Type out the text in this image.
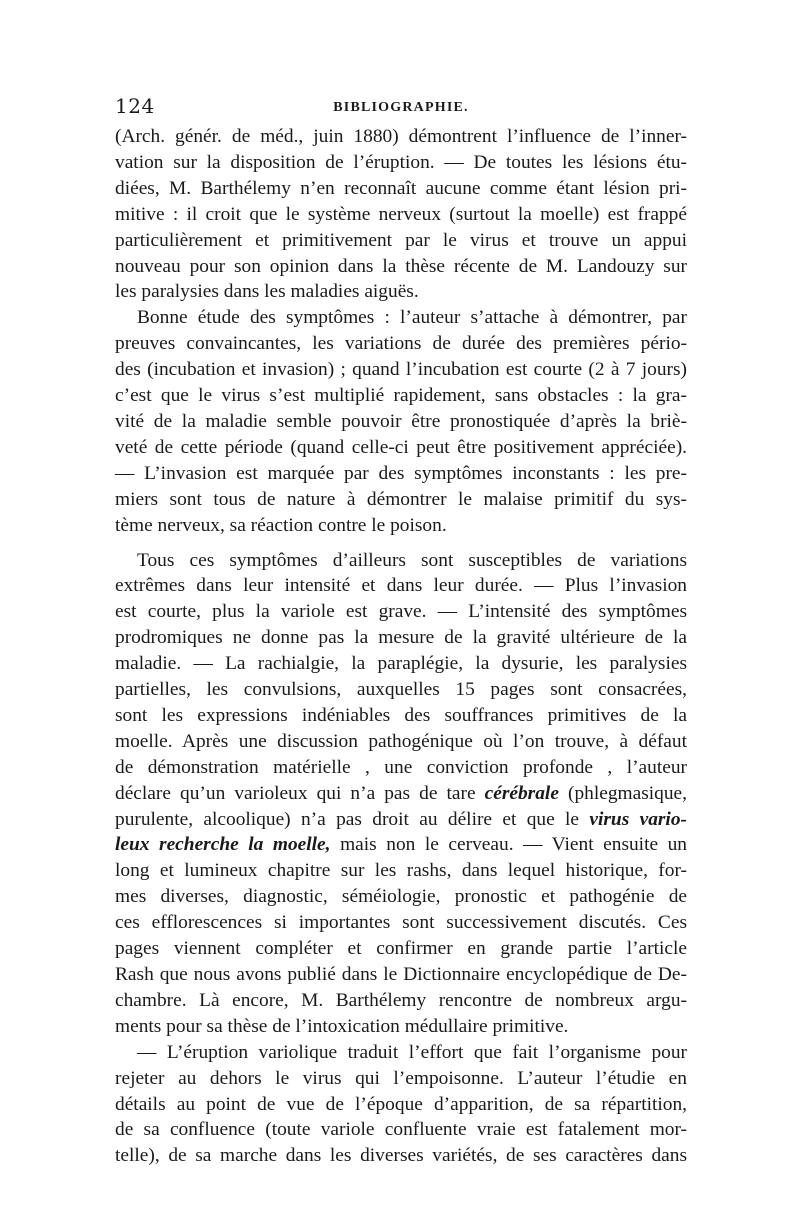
124	BIBLIOGRAPHIE.
(Arch. génér. de méd., juin 1880) démontrent l’influence de l’inner-
vation sur la disposition de l’éruption. — De toutes les lésions étu-
diées, M. Barthélemy n’en reconnaît aucune comme étant lésion pri-
mitive : il croit que le système nerveux (surtout la moelle) est frappé
particulièrement et primitivement par le virus et trouve un appui
nouveau pour son opinion dans la thèse récente de M. Landouzy sur
les paralysies dans les maladies aiguës.
Bonne étude des symptômes : l’auteur s’attache à démontrer, par
preuves convaincantes, les variations de durée des premières pério-
des (incubation et invasion) ; quand l’incubation est courte (2 à 7 jours)
c’est que le virus s’est multiplié rapidement, sans obstacles : la gra-
vité de la maladie semble pouvoir être pronostiquée d’après la briè-
veté de cette période (quand celle-ci peut être positivement appréciée).
— L’invasion est marquée par des symptômes inconstants : les pre-
miers sont tous de nature à démontrer le malaise primitif du sys-
tème nerveux, sa réaction contre le poison.
Tous ces symptômes d’ailleurs sont susceptibles de variations
extrêmes dans leur intensité et dans leur durée. — Plus l’invasion
est courte, plus la variole est grave. — L’intensité des symptômes
prodromiques ne donne pas la mesure de la gravité ultérieure de la
maladie. — La rachialgie, la paraplégie, la dysurie, les paralysies
partielles, les convulsions, auxquelles 15 pages sont consacrées,
sont les expressions indéniables des souffrances primitives de la
moelle. Après une discussion pathogénique où l’on trouve, à défaut
de démonstration matérielle , une conviction profonde , l’auteur
déclare qu’un varioleux qui n’a pas de tare cérébrale (phlegmasique,
purulente, alcoolique) n’a pas droit au délire et que le virus vario-
leux recherche la moelle, mais non le cerveau. — Vient ensuite un
long et lumineux chapitre sur les rashs, dans lequel historique, for-
mes diverses, diagnostic, séméiologie, pronostic et pathogénie de
ces efflorescences si importantes sont successivement discutés. Ces
pages viennent compléter et confirmer en grande partie l’article
Rash que nous avons publié dans le Dictionnaire encyclopédique de De-
chambre. Là encore, M. Barthélemy rencontre de nombreux argu-
ments pour sa thèse de l’intoxication médullaire primitive.
— L’éruption variolique traduit l’effort que fait l’organisme pour
rejeter au dehors le virus qui l’empoisonne. L’auteur l’étudie en
détails au point de vue de l’époque d’apparition, de sa répartition,
de sa confluence (toute variole confluente vraie est fatalement mor-
telle), de sa marche dans les diverses variétés, de ses caractères dans
